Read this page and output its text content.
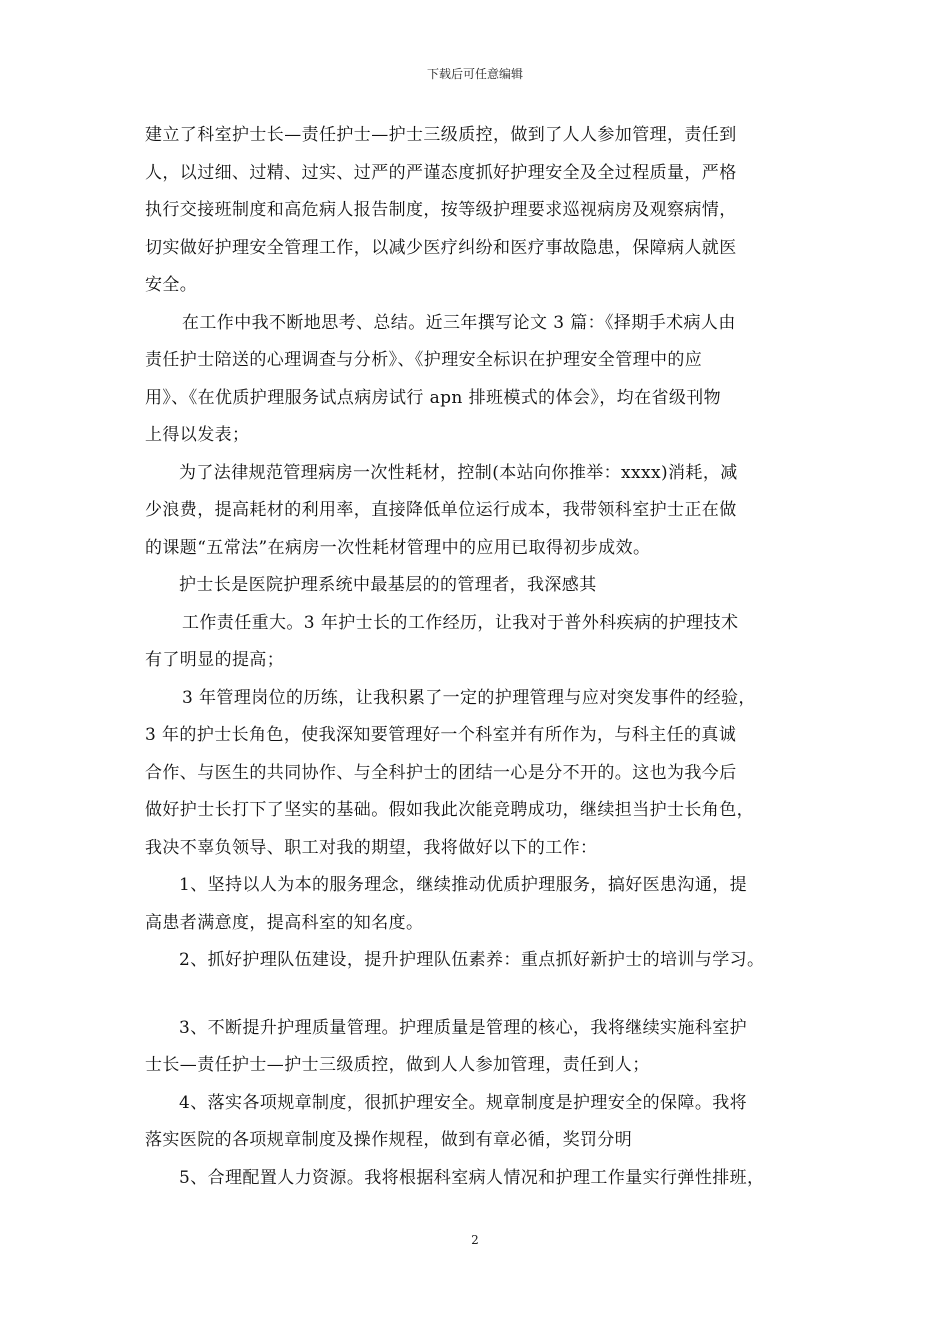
下载后可任意编辑
建立了科室护士长—责任护士—护士三级质控，做到了人人参加管理，责任到
人，以过细、过精、过实、过严的严谨态度抓好护理安全及全过程质量，严格
执行交接班制度和高危病人报告制度，按等级护理要求巡视病房及观察病情，
切实做好护理安全管理工作，以减少医疗纠纷和医疗事故隐患，保障病人就医
安全。
在工作中我不断地思考、总结。近三年撰写论文 3 篇：《择期手术病人由
责任护士陪送的心理调查与分析》、《护理安全标识在护理安全管理中的应
用》、《在优质护理服务试点病房试行 apn 排班模式的体会》，均在省级刊物
上得以发表；
为了法律规范管理病房一次性耗材，控制(本站向你推举：xxxx)消耗，减
少浪费，提高耗材的利用率，直接降低单位运行成本，我带领科室护士正在做
的课题“五常法”在病房一次性耗材管理中的应用已取得初步成效。
护士长是医院护理系统中最基层的的管理者，我深感其
工作责任重大。3 年护士长的工作经历，让我对于普外科疾病的护理技术
有了明显的提高；
3 年管理岗位的历练，让我积累了一定的护理管理与应对突发事件的经验，
3 年的护士长角色，使我深知要管理好一个科室并有所作为，与科主任的真诚
合作、与医生的共同协作、与全科护士的团结一心是分不开的。这也为我今后
做好护士长打下了坚实的基础。假如我此次能竞聘成功，继续担当护士长角色，
我决不辜负领导、职工对我的期望，我将做好以下的工作：
1、坚持以人为本的服务理念，继续推动优质护理服务，搞好医患沟通，提
高患者满意度，提高科室的知名度。
2、抓好护理队伍建设，提升护理队伍素养：重点抓好新护士的培训与学习。
3、不断提升护理质量管理。护理质量是管理的核心，我将继续实施科室护
士长—责任护士—护士三级质控，做到人人参加管理，责任到人；
4、落实各项规章制度，很抓护理安全。规章制度是护理安全的保障。我将
落实医院的各项规章制度及操作规程，做到有章必循，奖罚分明
5、合理配置人力资源。我将根据科室病人情况和护理工作量实行弹性排班，
2
